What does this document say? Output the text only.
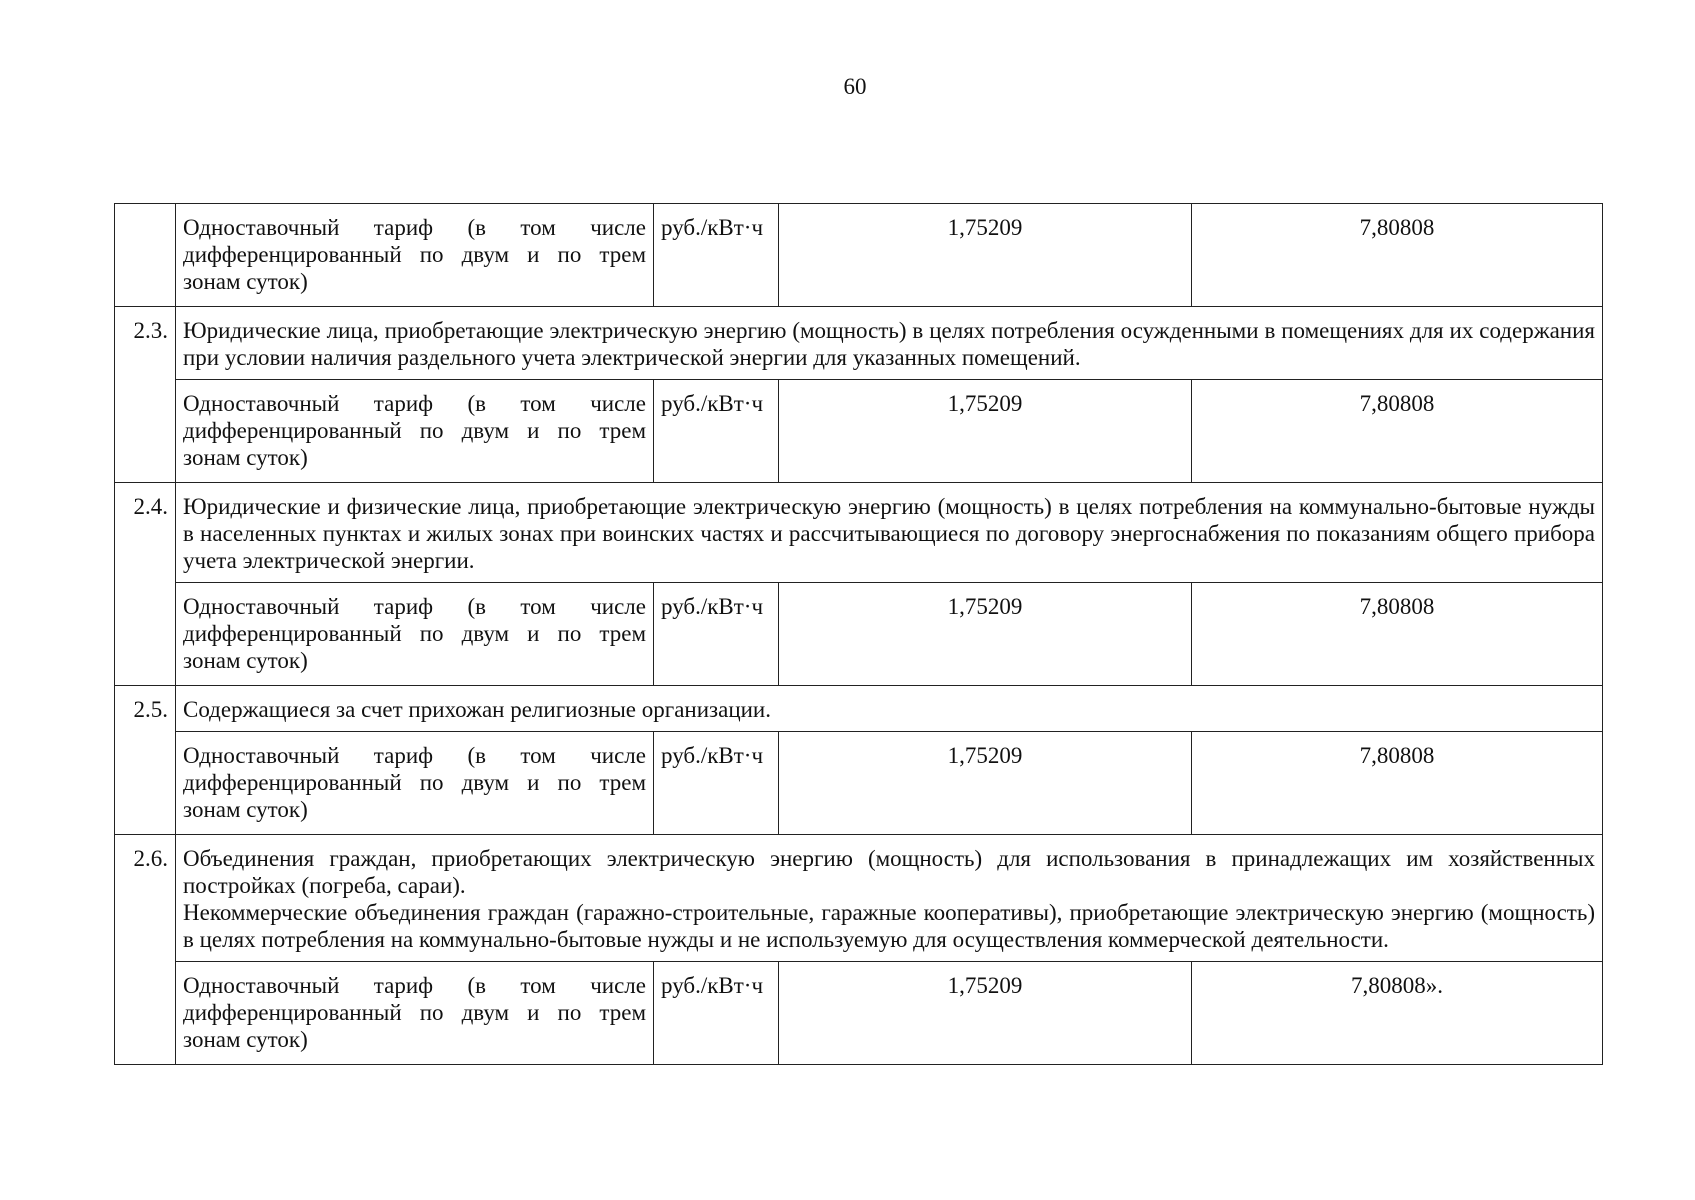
60

	Одноставочный тариф (в том числе дифференцированный по двум и по трем зонам суток)	руб./кВт·ч	1,75209	7,80808
2.3.	Юридические лица, приобретающие электрическую энергию (мощность) в целях потребления осужденными в помещениях для их содержания при условии наличия раздельного учета электрической энергии для указанных помещений.			

	Одноставочный тариф (в том числе дифференцированный по двум и по трем зонам суток)	руб./кВт·ч	1,75209	7,80808
2.4.	Юридические и физические лица, приобретающие электрическую энергию (мощность) в целях потребления на коммунально-бытовые нужды в населенных пунктах и жилых зонах при воинских частях и рассчитывающиеся по договору энергоснабжения по показаниям общего прибора учета электрической энергии.			

	Одноставочный тариф (в том числе дифференцированный по двум и по трем зонам суток)	руб./кВт·ч	1,75209	7,80808
2.5.	Содержащиеся за счет прихожан религиозные организации.			

	Одноставочный тариф (в том числе дифференцированный по двум и по трем зонам суток)	руб./кВт·ч	1,75209	7,80808
2.6.	Объединения граждан, приобретающих электрическую энергию (мощность) для использования в принадлежащих им хозяйственных постройках (погреба, сараи).
Некоммерческие объединения граждан (гаражно-строительные, гаражные кооперативы), приобретающие электрическую энергию (мощность) в целях потребления на коммунально-бытовые нужды и не используемую для осуществления коммерческой деятельности.			

	Одноставочный тариф (в том числе дифференцированный по двум и по трем зонам суток)	руб./кВт·ч	1,75209	7,80808».
